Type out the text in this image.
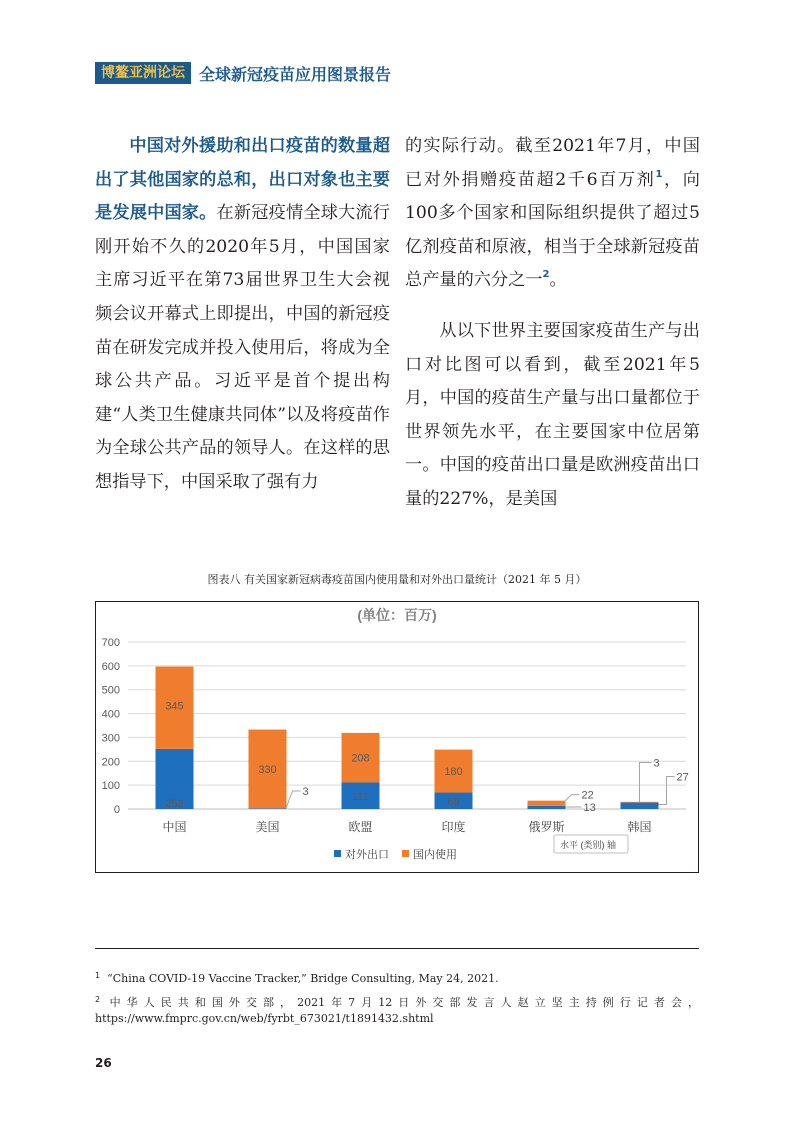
博鳌亚洲论坛 全球新冠疫苗应用图景报告

中国对外援助和出口疫苗的数量超出了其他国家的总和，出口对象也主要是发展中国家。在新冠疫情全球大流行刚开始不久的2020年5月，中国国家主席习近平在第73届世界卫生大会视频会议开幕式上即提出，中国的新冠疫苗在研发完成并投入使用后，将成为全球公共产品。习近平是首个提出构建“人类卫生健康共同体”以及将疫苗作为全球公共产品的领导人。在这样的思想指导下，中国采取了强有力

的实际行动。截至2021年7月，中国已对外捐赠疫苗超2千6百万剂$^1$，向100多个国家和国际组织提供了超过5亿剂疫苗和原液，相当于全球新冠疫苗总产量的六分之一$^2$。

从以下世界主要国家疫苗生产与出口对比图可以看到，截至2021年5月，中国的疫苗生产量与出口量都位于世界领先水平，在主要国家中位居第一。中国的疫苗出口量是欧洲疫苗出口量的227%，是美国

图表八 有关国家新冠病毒疫苗国内使用量和对外出口量统计（2021 年 5 月）
(单位：百万)
0
100
200
300
400
500
600
700
中国
252
345
美国
330
3
欧盟
111
208
印度
69
180
俄罗斯
22
13
韩国
3
27
对外出口 国内使用
水平 (类别) 轴
$^1$ “China COVID-19 Vaccine Tracker,” Bridge Consulting, May 24, 2021.
$^2$ 中华人民共和国外交部，2021年7月12日外交部发言人赵立坚主持例行记者会，https://www.fmprc.gov.cn/web/fyrbt_673021/t1891432.shtml
26
